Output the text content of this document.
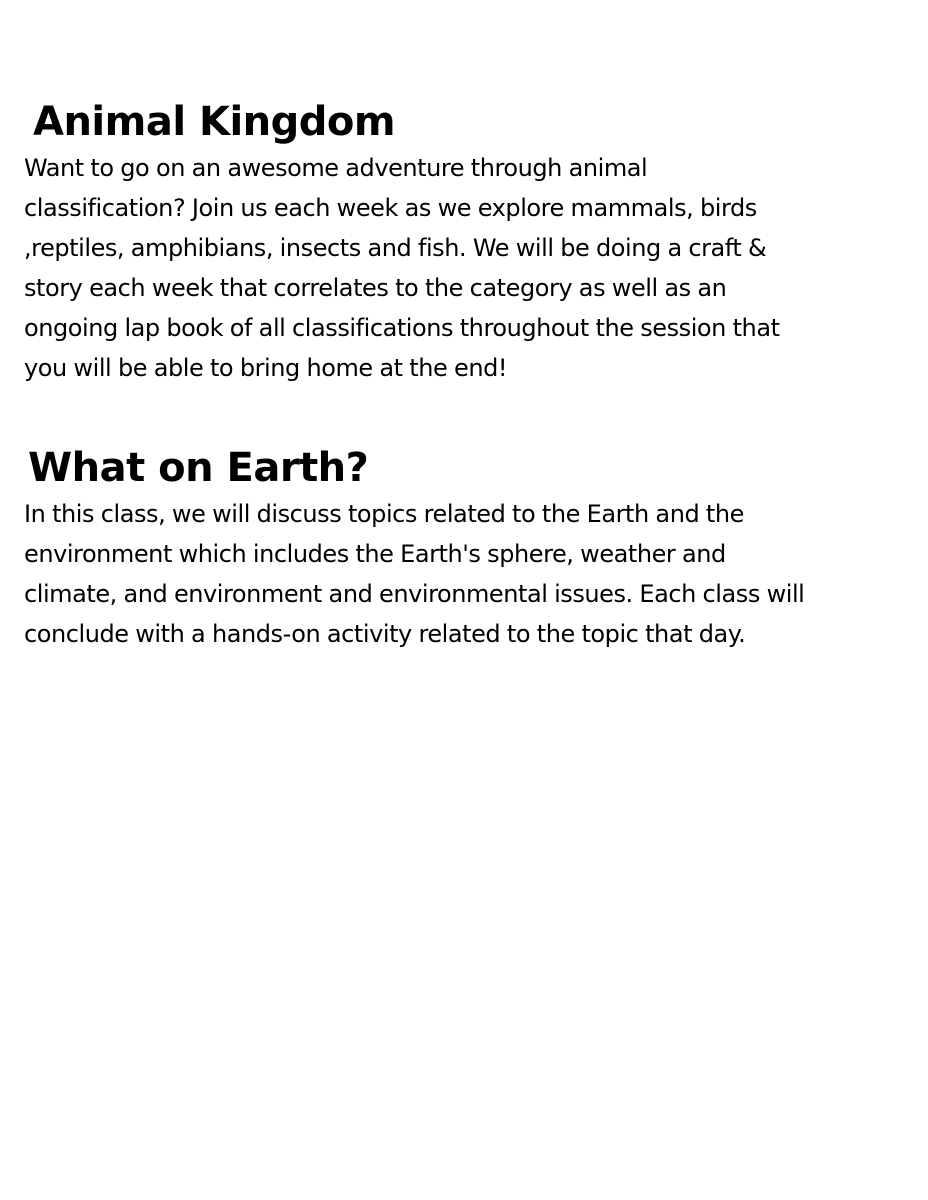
Animal Kingdom

Want to go on an awesome adventure through animal
classification? Join us each week as we explore mammals, birds
,reptiles, amphibians, insects and fish. We will be doing a craft &
story each week that correlates to the category as well as an
ongoing lap book of all classifications throughout the session that
you will be able to bring home at the end!

What on Earth?

In this class, we will discuss topics related to the Earth and the
environment which includes the Earth's sphere, weather and
climate, and environment and environmental issues. Each class will
conclude with a hands-on activity related to the topic that day.
